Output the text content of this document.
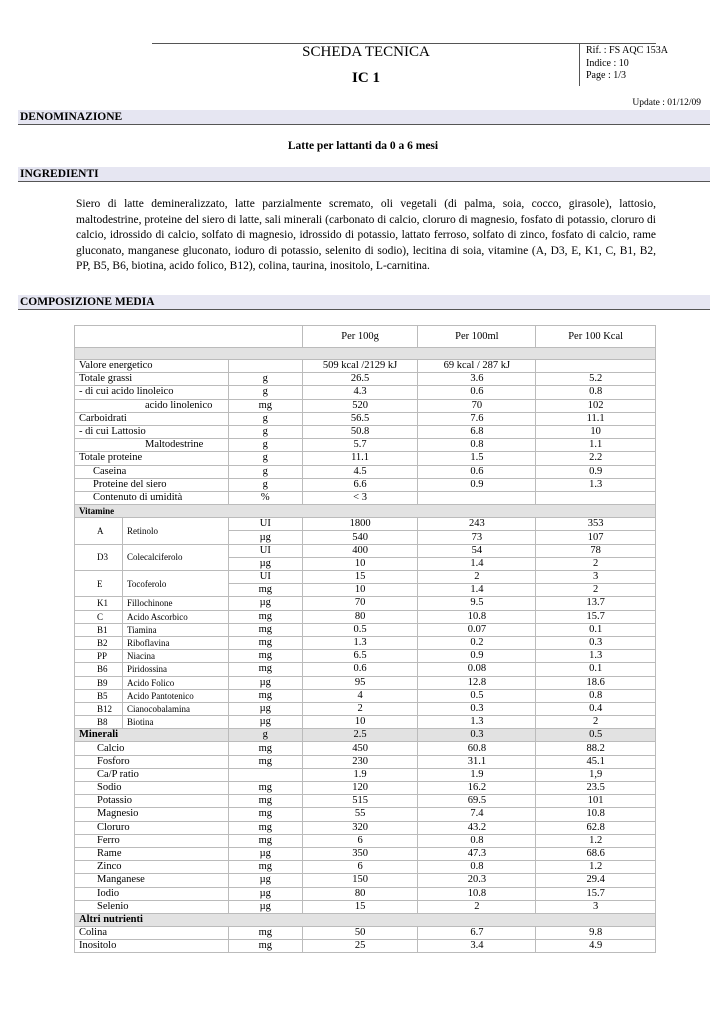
SCHEDA TECNICA
IC 1
Rif. : FS AQC 153A
Indice : 10
Page : 1/3
Update : 01/12/09
DENOMINAZIONE
Latte per lattanti da 0 a 6 mesi
INGREDIENTI
Siero di latte demineralizzato, latte parzialmente scremato, oli vegetali (di palma, soia, cocco, girasole), lattosio, maltodestrine, proteine del siero di latte, sali minerali (carbonato di calcio, cloruro di magnesio, fosfato di potassio, cloruro di calcio, idrossido di calcio, solfato di magnesio, idrossido di potassio, lattato ferroso, solfato di zinco, fosfato di calcio, rame gluconato, manganese gluconato, ioduro di potassio, selenito di sodio), lecitina di soia, vitamine (A, D3, E, K1, C, B1, B2, PP, B5, B6, biotina, acido folico, B12), colina, taurina, inositolo, L-carnitina.
COMPOSIZIONE MEDIA
			Per 100g	Per 100ml	Per 100 Kcal

Valore energetico			509 kcal /2129 kJ	69 kcal / 287 kJ	
Totale grassi		g	26.5	3.6	5.2
- di cui acido linoleico		g	4.3	0.6	0.8
acido linolenico		mg	520	70	102
Carboidrati		g	56.5	7.6	11.1
- di cui Lattosio		g	50.8	6.8	10
Maltodestrine		g	5.7	0.8	1.1
Totale proteine		g	11.1	1.5	2.2
Caseina		g	4.5	0.6	0.9
Proteine del siero		g	6.6	0.9	1.3
Contenuto di umidità		%	< 3		
Vitamine					
A	Retinolo	UI	1800	243	353
		µg	540	73	107
D3	Colecalciferolo	UI	400	54	78
		µg	10	1.4	2
E	Tocoferolo	UI	15	2	3
		mg	10	1.4	2
K1	Fillochinone	µg	70	9.5	13.7
C	Acido Ascorbico	mg	80	10.8	15.7
B1	Tiamina	mg	0.5	0.07	0.1
B2	Riboflavina	mg	1.3	0.2	0.3
PP	Niacina	mg	6.5	0.9	1.3
B6	Piridossina	mg	0.6	0.08	0.1
B9	Acido Folico	µg	95	12.8	18.6
B5	Acido Pantotenico	mg	4	0.5	0.8
B12	Cianocobalamina	µg	2	0.3	0.4
B8	Biotina	µg	10	1.3	2
Minerali		g	2.5	0.3	0.5
Calcio		mg	450	60.8	88.2
Fosforo		mg	230	31.1	45.1
Ca/P ratio			1.9	1.9	1,9
Sodio		mg	120	16.2	23.5
Potassio		mg	515	69.5	101
Magnesio		mg	55	7.4	10.8
Cloruro		mg	320	43.2	62.8
Ferro		mg	6	0.8	1.2
Rame		µg	350	47.3	68.6
Zinco		mg	6	0.8	1.2
Manganese		µg	150	20.3	29.4
Iodio		µg	80	10.8	15.7
Selenio		µg	15	2	3
Altri nutrienti					
Colina		mg	50	6.7	9.8
Inositolo		mg	25	3.4	4.9
